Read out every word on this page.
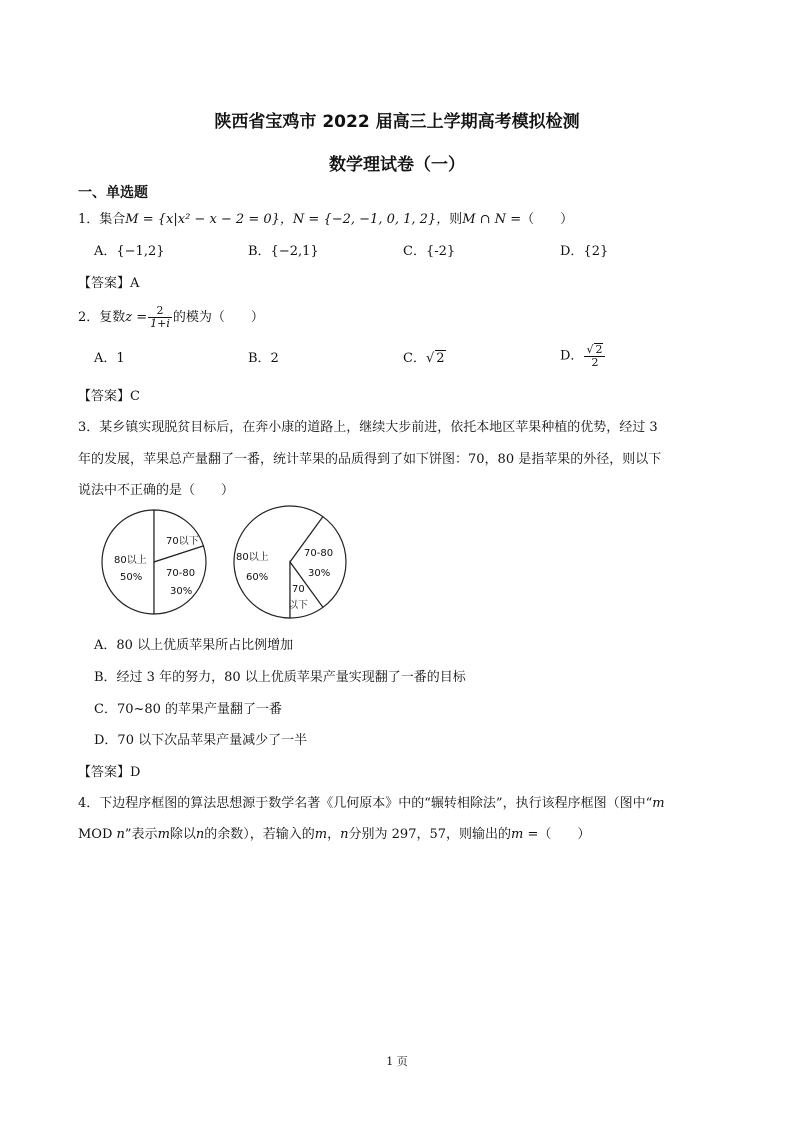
陕西省宝鸡市 2022 届高三上学期高考模拟检测
数学理试卷（一）
一、单选题
1．集合M = {x|x² − x − 2 = 0}，N = {−2, −1, 0, 1, 2}，则M ∩ N =（　　）
A．{−1,2}	B．{−2,1}	C．{-2}	D．{2}
【答案】A
2．复数$z = \frac{2}{1+i}$ 的模为（　　）
A．1	B．2	C．√ 2	D． $\frac{√ 2}{2}$
【答案】C
3．某乡镇实现脱贫目标后，在奔小康的道路上，继续大步前进，依托本地区苹果种植的优势，经过 3
年的发展，苹果总产量翻了一番，统计苹果的品质得到了如下饼图：70，80 是指苹果的外径，则以下
说法中不正确的是（　　）
80以上
50%
70以下
70-80
30%
80以上
60%
70-80
30%
70
以下
A．80 以上优质苹果所占比例增加
B．经过 3 年的努力，80 以上优质苹果产量实现翻了一番的目标
C．70~80 的苹果产量翻了一番
D．70 以下次品苹果产量减少了一半
【答案】D
4．下边程序框图的算法思想源于数学名著《几何原本》中的“辗转相除法”，执行该程序框图（图中“m
MOD n”表示m除以n的余数），若输入的m，n分别为 297，57，则输出的m =（　　）
1 页
